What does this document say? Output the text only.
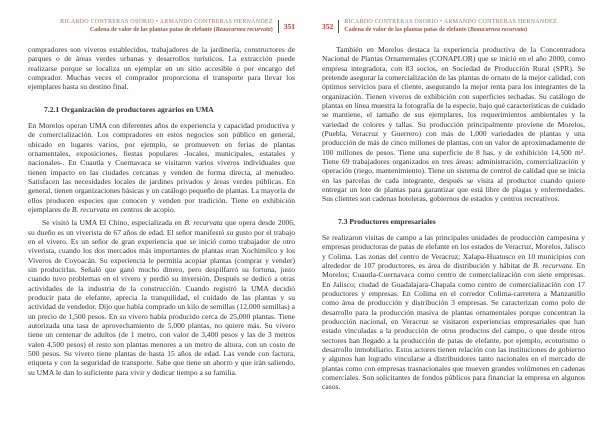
RICARDO CONTRERAS OSORIO • ARMANDO CONTRERAS HERNÁNDEZ
Cadena de valor de las plantas patas de elefante (Beaucarnea recurvata) 351

compradores son viveros establecidos, trabajadores de la jardinería, constructores de parques o de áreas verdes urbanas y desarrollos turísticos. La extracción puede realizarse porque se localiza un ejemplar en un sitio accesible o por encargo del comprador. Muchas veces el comprador proporciona el transporte para llevar los ejemplares hasta su destino final.

7.2.1 Organización de productores agrarios en UMA

En Morelos operan UMA con diferentes años de experiencia y capacidad productiva y de comercialización. Los compradores en estos negocios son público en general, ubicado en lugares varios, por ejemplo, se promueven en ferias de plantas ornamentales, exposiciones, fiestas populares -locales, municipales, estatales y nacionales-. En Cuautla y Cuernavaca se visitaron varios viveros individuales que tienen impacto en las ciudades cercanas y venden de forma directa, al menudeo. Satisfacen las necesidades locales de jardines privados y áreas verdes públicas. En general, tienen organizaciones básicas y un catálogo pequeño de plantas. La mayoría de ellos producen especies que conocen y venden por tradición. Tiene en exhibición ejemplares de B. recurvata en centros de acopio.

Se visitó la UMA El Chino, especializada en B. recurvata que opera desde 2006, su dueño es un viverista de 67 años de edad. El señor manifestó su gusto por el trabajo en el vivero. Es un señor de gran experiencia que se inició como trabajador de otro viverista, cuando los dos mercados más importantes de plantas eran Xochimilco y los Viveros de Coyoacán. Su experiencia le permitía acopiar plantas (comprar y vender) sin producirlas. Señaló que ganó mucho dinero, pero despilfarró su fortuna, justo cuando tuvo problemas en el vivero y perdió su inversión. Después se dedicó a otras actividades de la industria de la construcción. Cuando registró la UMA decidió producir pata de elefante, aprecia la tranquilidad, el cuidado de las plantas y su actividad de vendedor. Dijo que había comprado un kilo de semillas (12,000 semillas) a un precio de 1,500 pesos. En su vivero había producido cerca de 25,000 plantas. Tiene autorizada una tasa de aprovechamiento de 5,000 plantas, no quiere más. Su vivero tiene un centenar de adultos (de 1 metro, con valor de 3,400 pesos y las de 3 metros valen 4,500 pesos) el resto son plantas menores a un metro de altura, con un costo de 500 pesos. Su vivero tiene plantas de hasta 15 años de edad. Las vende con factura, etiqueta y con la seguridad de transporte. Sabe que tiene un ahorro y que irán saliendo, su UMA le dan lo suficiente para vivir y dedicar tiempo a su familia.

352 RICARDO CONTRERAS OSORIO • ARMANDO CONTRERAS HERNÁNDEZ
Cadena de valor de las plantas patas de elefante (Beaucarnea recurvata)

También en Morelos destaca la experiencia productiva de la Concentradora Nacional de Plantas Ornamentales (CONAPLOR) que se inició en el año 2000, como empresa integradora, con 83 socios, en Sociedad de Producción Rural (SPR). Se pretende asegurar la comercialización de las plantas de ornato de la mejor calidad, con óptimos servicios para el cliente, asegurando la mejor renta para los integrantes de la organización. Tienen viveros de exhibición con superficies techadas. Su catálogo de plantas en línea muestra la fotografía de la especie, bajo qué características de cuidado se mantiene, el tamaño de sus ejemplares, los requerimientos ambientales y la variedad de colores y tallas. Su producción principalmente proviene de Morelos, (Puebla, Veracruz y Guerrero) con más de 1,000 variedades de plantas y una producción de más de cinco millones de plantas, con un valor de aproximadamente de 100 millones de pesos. Tiene una superficie de 8 has, y de exhibición 14,500 m². Tiene 69 trabajadores organizados en tres áreas: administración, comercialización y operación (riego, mantenimiento). Tiene un sistema de control de calidad que se inicia en las parcelas de cada integrante, después se visita al productor cuando quiere entregar un lote de plantas para garantizar que está libre de plagas y enfermedades. Sus clientes son cadenas hoteleras, gobiernos de estados y centros recreativos.

7.3 Productores empresariales

Se realizaron visitas de campo a las principales unidades de producción campesina y empresas productoras de patas de elefante en los estados de Veracruz, Morelos, Jalisco y Colima. Las zonas del centro de Veracruz; Xalapa-Huatusco en 10 municipios con alrededor de 107 productores, es área de distribución y hábitat de B. recurvata. En Morelos; Cuautla-Cuernavaca como centro de comercialización con siete empresas. En Jalisco; ciudad de Guadalajara-Chapala como centro de comercialización con 17 productores y empresas. En Colima en el corredor Colima-carretera a Manzanillo como área de producción y distribución 3 empresas. Se caracterizan como polo de desarrollo para la producción masiva de plantas ornamentales porque concentran la producción nacional, en Veracruz se visitaron experiencias empresariales que han estado vinculadas a la producción de otros productos del campo, o que desde otros sectores han llegado a la producción de patas de elefante, por ejemplo, ecoturismo o desarrollo inmobiliario. Estos actores tienen relación con las instituciones de gobierno y algunos han logrado vincularse a distribuidores tanto nacionales en el mercado de plantas como con empresas trasnacionales que mueven grandes volúmenes en cadenas comerciales. Son solicitantes de fondos públicos para financiar la empresa en algunos casos.
